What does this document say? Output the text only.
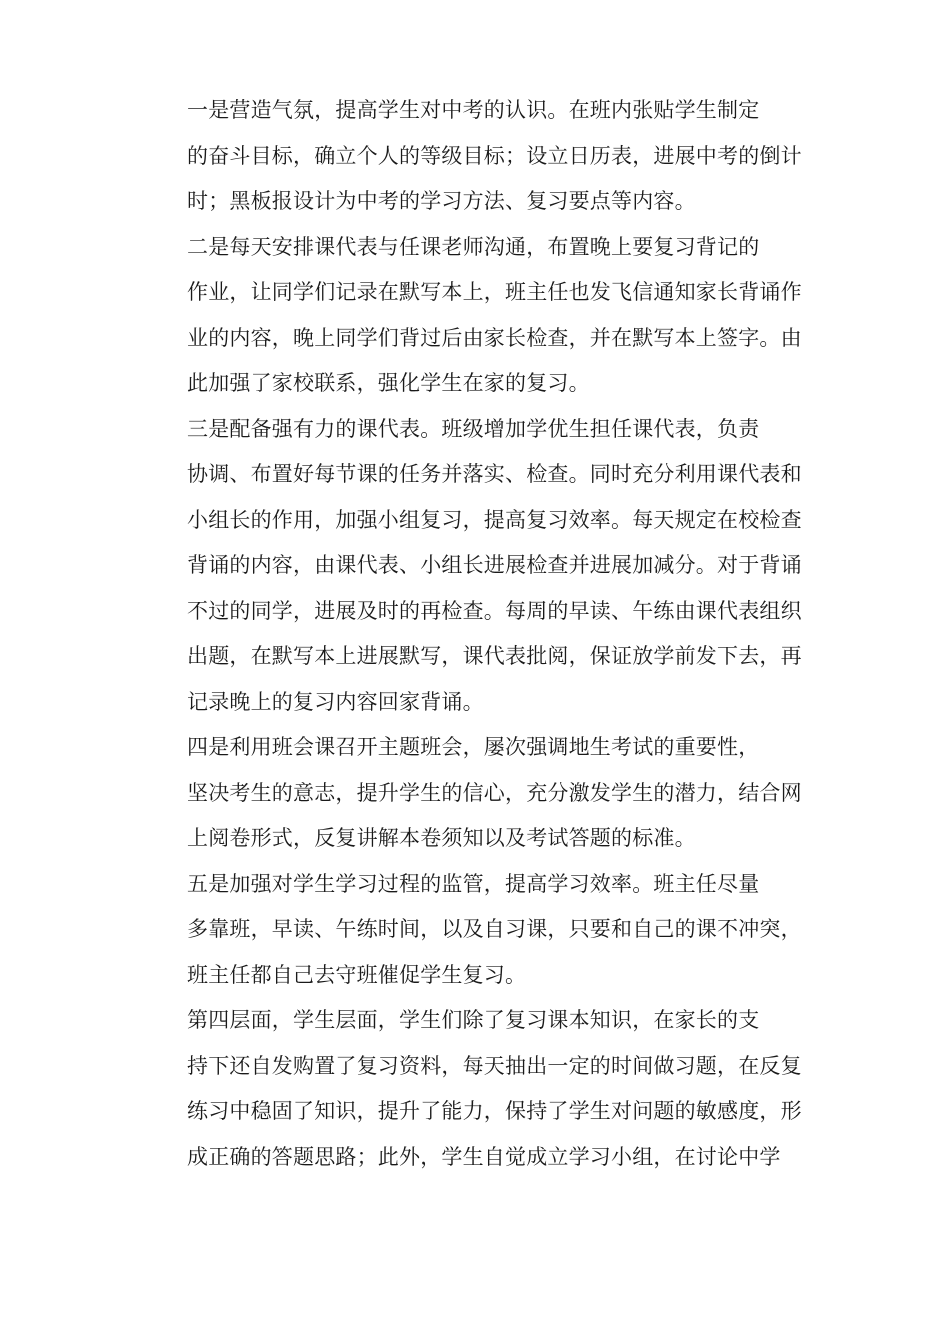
一是营造气氛，提高学生对中考的认识。在班内张贴学生制定
的奋斗目标，确立个人的等级目标；设立日历表，进展中考的倒计
时；黑板报设计为中考的学习方法、复习要点等内容。

二是每天安排课代表与任课老师沟通，布置晚上要复习背记的
作业，让同学们记录在默写本上，班主任也发飞信通知家长背诵作
业的内容，晚上同学们背过后由家长检查，并在默写本上签字。由
此加强了家校联系，强化学生在家的复习。

三是配备强有力的课代表。班级增加学优生担任课代表，负责
协调、布置好每节课的任务并落实、检查。同时充分利用课代表和
小组长的作用，加强小组复习，提高复习效率。每天规定在校检查
背诵的内容，由课代表、小组长进展检查并进展加减分。对于背诵
不过的同学，进展及时的再检查。每周的早读、午练由课代表组织
出题，在默写本上进展默写，课代表批阅，保证放学前发下去，再
记录晚上的复习内容回家背诵。

四是利用班会课召开主题班会，屡次强调地生考试的重要性，
坚决考生的意志，提升学生的信心，充分激发学生的潜力，结合网
上阅卷形式，反复讲解本卷须知以及考试答题的标准。

五是加强对学生学习过程的监管，提高学习效率。班主任尽量
多靠班，早读、午练时间，以及自习课，只要和自己的课不冲突，
班主任都自己去守班催促学生复习。

第四层面，学生层面，学生们除了复习课本知识，在家长的支
持下还自发购置了复习资料，每天抽出一定的时间做习题，在反复
练习中稳固了知识，提升了能力，保持了学生对问题的敏感度，形
成正确的答题思路；此外，学生自觉成立学习小组，在讨论中学
